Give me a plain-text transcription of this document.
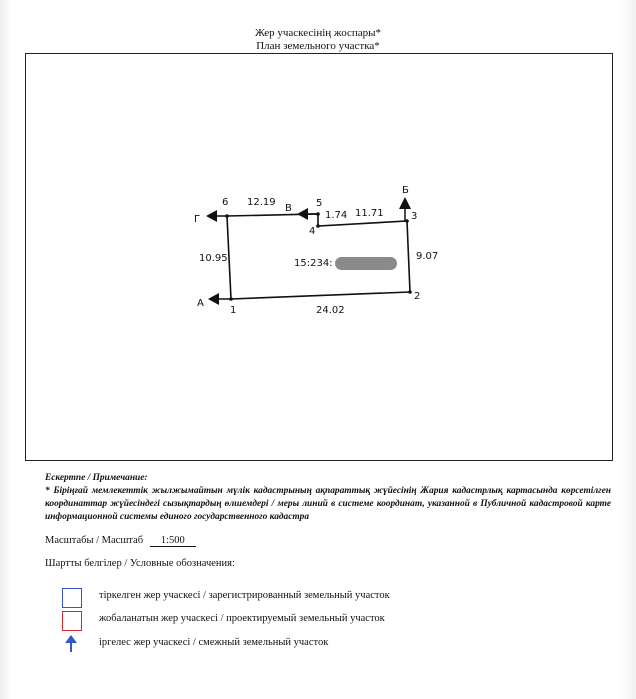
Жер учаскесінің жоспары*
План земельного участка*
1
2
3
4
5
6
А
Б
В
Г
24.02
9.07
11.71
1.74
12.19
10.95	15:234:
Ескертпе / Примечание:
* Біріңғай мемлекеттік жылжымайтын мүлік кадастрының ақпараттық жүйесінің Жария кадастрлық картасында көрсетілген координаттар жүйесіндегі сызықтардың өлшемдері / меры линий в системе координат, указанной в Публичной кадастровой карте информационной системы единого государственного кадастра
Масштабы / Масштаб 1:500
Шартты белгілер / Условные обозначения:
тіркелген жер учаскесі / зарегистрированный земельный участок
жобаланатын жер учаскесі / проектируемый земельный участок
іргелес жер учаскесі / смежный земельный участок
